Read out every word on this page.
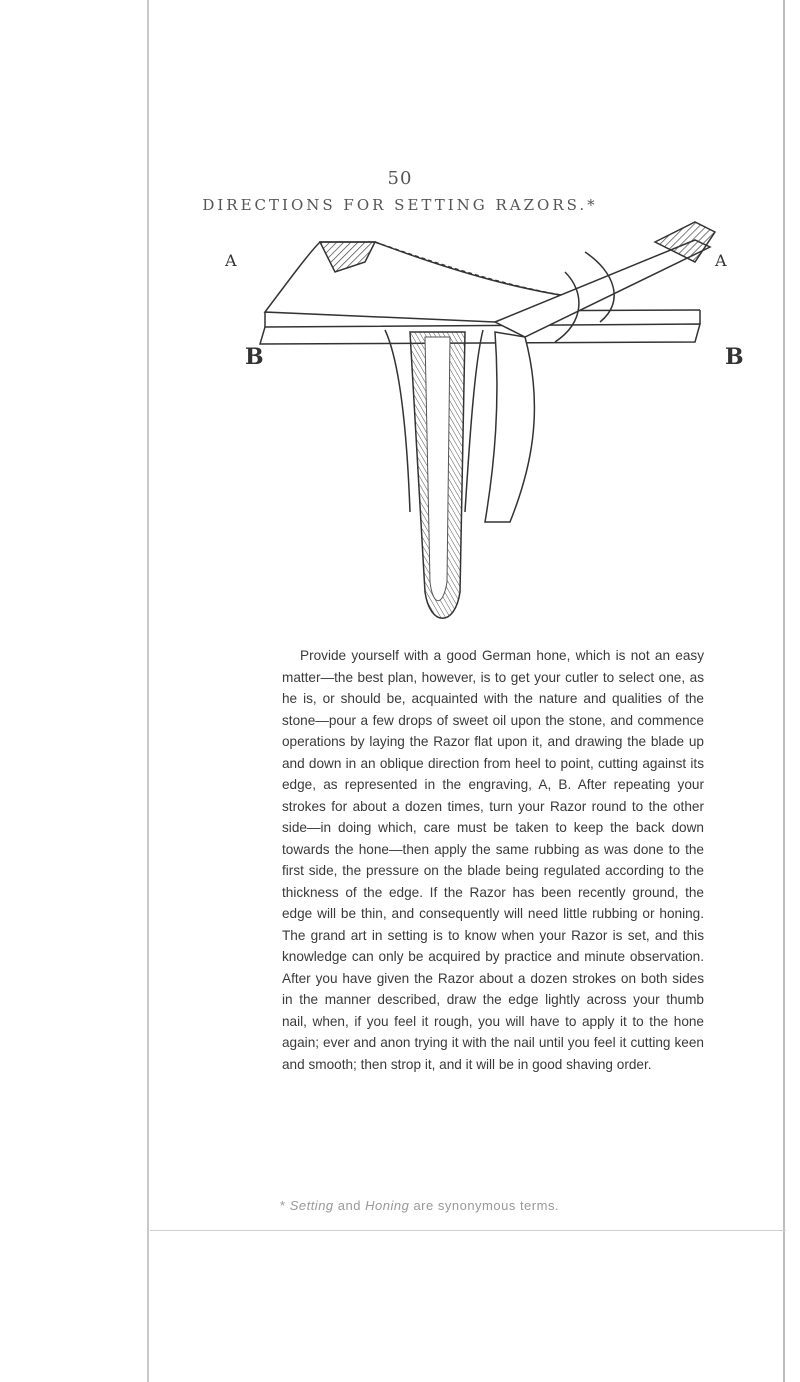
50
DIRECTIONS FOR SETTING RAZORS.*
A	A
B	B
Provide yourself with a good German hone, which is not an easy matter—the best plan, however, is to get your cutler to select one, as he is, or should be, acquainted with the nature and qualities of the stone—pour a few drops of sweet oil upon the stone, and commence operations by laying the Razor flat upon it, and drawing the blade up and down in an oblique direction from heel to point, cutting against its edge, as represented in the engraving, A, B. After repeating your strokes for about a dozen times, turn your Razor round to the other side—in doing which, care must be taken to keep the back down towards the hone—then apply the same rubbing as was done to the first side, the pressure on the blade being regulated according to the thickness of the edge. If the Razor has been recently ground, the edge will be thin, and consequently will need little rubbing or honing. The grand art in setting is to know when your Razor is set, and this knowledge can only be acquired by practice and minute observation. After you have given the Razor about a dozen strokes on both sides in the manner described, draw the edge lightly across your thumb nail, when, if you feel it rough, you will have to apply it to the hone again; ever and anon trying it with the nail until you feel it cutting keen and smooth; then strop it, and it will be in good shaving order.
* Setting and Honing are synonymous terms.
